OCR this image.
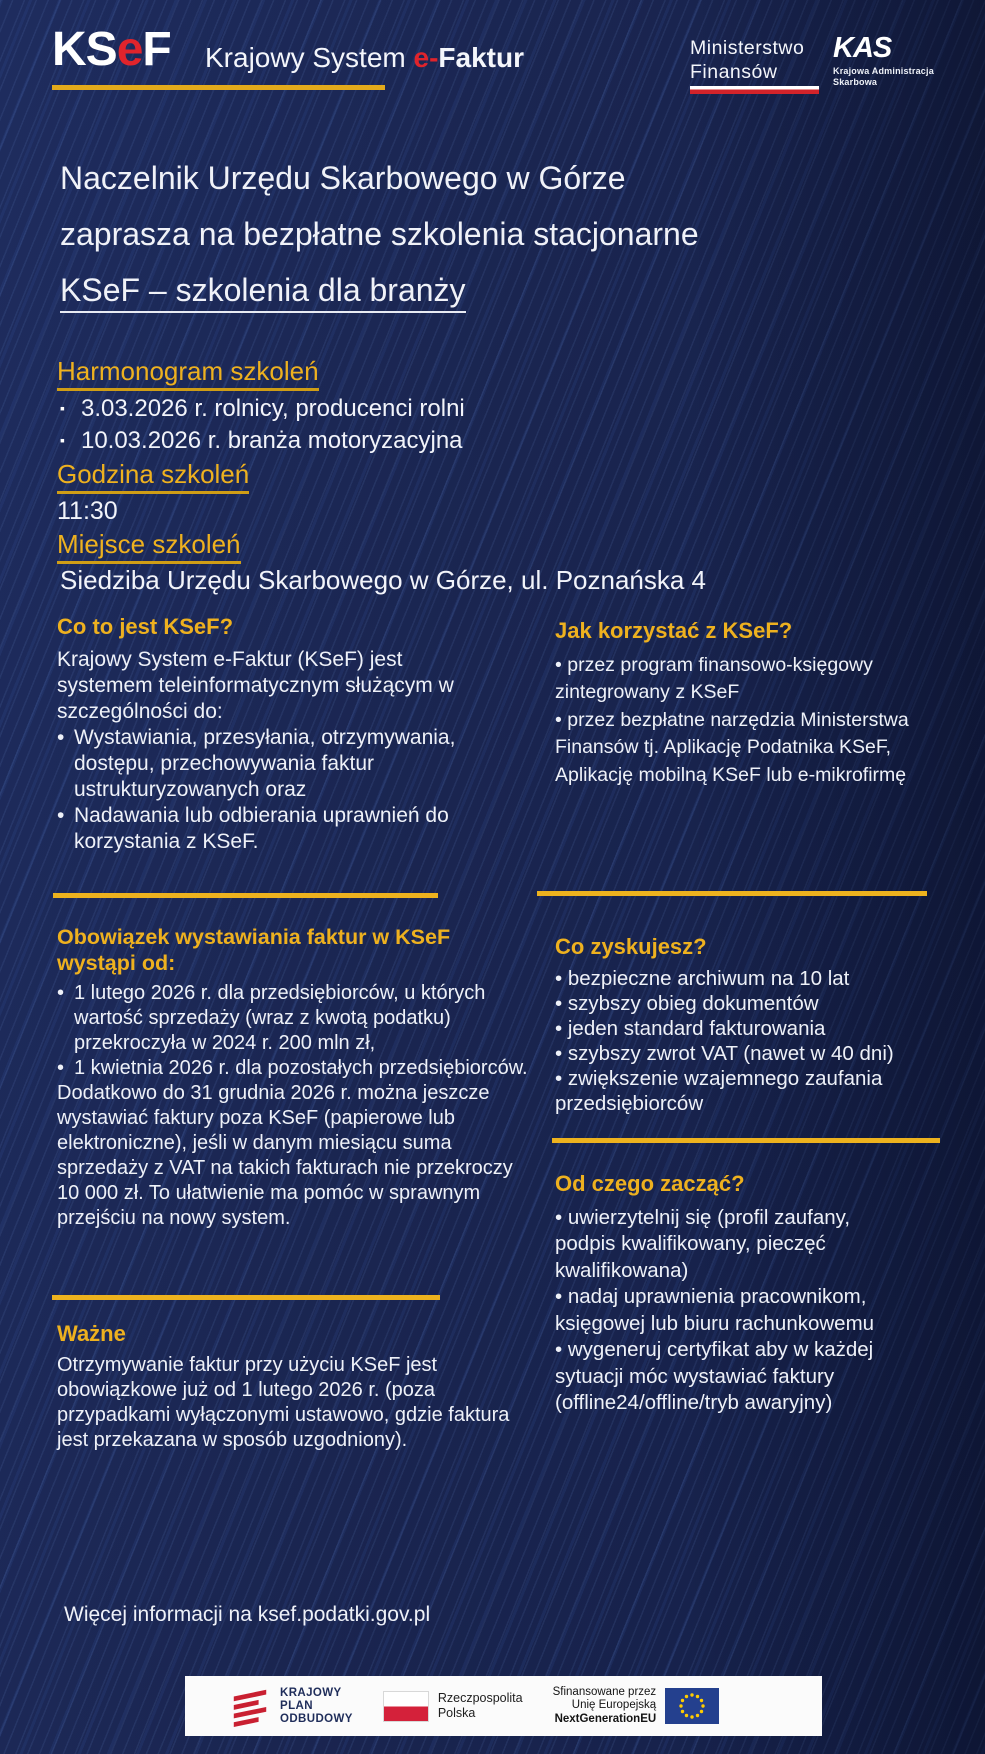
KSeF Krajowy System e-Faktur	Ministerstwo
Finansów
KAS
Krajowa Administracja
Skarbowa
Naczelnik Urzędu Skarbowego w Górze
zaprasza na bezpłatne szkolenia stacjonarne
KSeF – szkolenia dla branży
Harmonogram szkoleń
▪ 3.03.2026 r. rolnicy, producenci rolni
▪ 10.03.2026 r. branża motoryzacyjna
Godzina szkoleń
11:30
Miejsce szkoleń
Siedziba Urzędu Skarbowego w Górze, ul. Poznańska 4
Co to jest KSeF?
Krajowy System e-Faktur (KSeF) jest systemem teleinformatycznym służącym w szczególności do:
• Wystawiania, przesyłania, otrzymywania, dostępu, przechowywania faktur ustrukturyzowanych oraz
• Nadawania lub odbierania uprawnień do korzystania z KSeF.
Jak korzystać z KSeF?
• przez program finansowo-księgowy zintegrowany z KSeF
• przez bezpłatne narzędzia Ministerstwa Finansów tj. Aplikację Podatnika KSeF, Aplikację mobilną KSeF lub e-mikrofirmę
Obowiązek wystawiania faktur w KSeF wystąpi od:
• 1 lutego 2026 r. dla przedsiębiorców, u których wartość sprzedaży (wraz z kwotą podatku) przekroczyła w 2024 r. 200 mln zł,
• 1 kwietnia 2026 r. dla pozostałych przedsiębiorców.
Dodatkowo do 31 grudnia 2026 r. można jeszcze wystawiać faktury poza KSeF (papierowe lub elektroniczne), jeśli w danym miesiącu suma sprzedaży z VAT na takich fakturach nie przekroczy 10 000 zł. To ułatwienie ma pomóc w sprawnym przejściu na nowy system.
Co zyskujesz?
• bezpieczne archiwum na 10 lat
• szybszy obieg dokumentów
• jeden standard fakturowania
• szybszy zwrot VAT (nawet w 40 dni)
• zwiększenie wzajemnego zaufania przedsiębiorców
Od czego zacząć?
• uwierzytelnij się (profil zaufany, podpis kwalifikowany, pieczęć kwalifikowana)
• nadaj uprawnienia pracownikom, księgowej lub biuru rachunkowemu
• wygeneruj certyfikat aby w każdej sytuacji móc wystawiać faktury (offline24/offline/tryb awaryjny)
Ważne
Otrzymywanie faktur przy użyciu KSeF jest obowiązkowe już od 1 lutego 2026 r. (poza przypadkami wyłączonymi ustawowo, gdzie faktura jest przekazana w sposób uzgodniony).
Więcej informacji na ksef.podatki.gov.pl
KRAJOWY
PLAN
ODBUDOWY
Rzeczpospolita
Polska
Sfinansowane przez
Unię Europejską
NextGenerationEU
